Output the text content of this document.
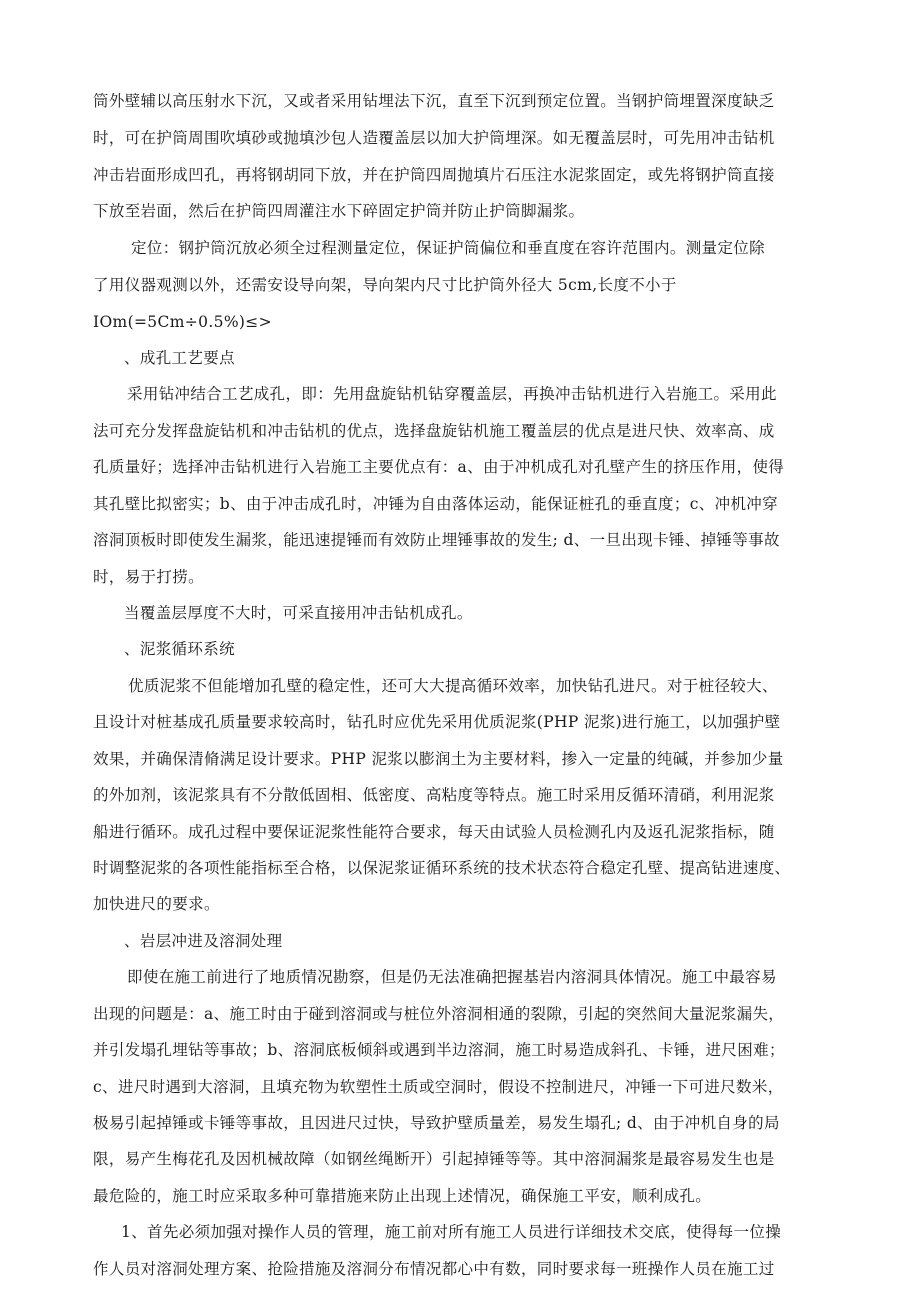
筒外壁辅以高压射水下沉，又或者采用钻埋法下沉，直至下沉到预定位置。当钢护筒埋置深度缺乏
时，可在护筒周围吹填砂或抛填沙包人造覆盖层以加大护筒埋深。如无覆盖层时，可先用冲击钻机
冲击岩面形成凹孔，再将钢胡同下放，并在护筒四周抛填片石压注水泥浆固定，或先将钢护筒直接
下放至岩面，然后在护筒四周灌注水下碎固定护筒并防止护筒脚漏浆。
定位：钢护筒沉放必须全过程测量定位，保证护筒偏位和垂直度在容许范围内。测量定位除
了用仪器观测以外，还需安设导向架，导向架内尺寸比护筒外径大 5cm,长度不小于
IOm(=5Cm÷0.5%)≤>
、成孔工艺要点
采用钻冲结合工艺成孔，即：先用盘旋钻机钻穿覆盖层，再换冲击钻机进行入岩施工。采用此
法可充分发挥盘旋钻机和冲击钻机的优点，选择盘旋钻机施工覆盖层的优点是进尺快、效率高、成
孔质量好；选择冲击钻机进行入岩施工主要优点有：a、由于冲机成孔对孔壁产生的挤压作用，使得
其孔壁比拟密实；b、由于冲击成孔时，冲锤为自由落体运动，能保证桩孔的垂直度；c、冲机冲穿
溶洞顶板时即使发生漏浆，能迅速提锤而有效防止埋锤事故的发生; d、一旦出现卡锤、掉锤等事故
时，易于打捞。
当覆盖层厚度不大时，可采直接用冲击钻机成孔。
、泥浆循环系统
优质泥浆不但能增加孔壁的稳定性，还可大大提高循环效率，加快钻孔进尺。对于桩径较大、
且设计对桩基成孔质量要求较高时，钻孔时应优先采用优质泥浆(PHP 泥浆)进行施工，以加强护壁
效果，并确保清脩满足设计要求。PHP 泥浆以膨润土为主要材料，掺入一定量的纯碱，并参加少量
的外加剂，该泥浆具有不分散低固相、低密度、高粘度等特点。施工时采用反循环清硝，利用泥浆
船进行循环。成孔过程中要保证泥浆性能符合要求，每天由试验人员检测孔内及返孔泥浆指标，随
时调整泥浆的各项性能指标至合格，以保泥浆证循环系统的技术状态符合稳定孔壁、提高钻进速度、
加快进尺的要求。
、岩层冲进及溶洞处理
即使在施工前进行了地质情况勘察，但是仍无法准确把握基岩内溶洞具体情况。施工中最容易
出现的问题是：a、施工时由于碰到溶洞或与桩位外溶洞相通的裂隙，引起的突然间大量泥浆漏失，
并引发塌孔埋钻等事故；b、溶洞底板倾斜或遇到半边溶洞，施工时易造成斜孔、卡锤，进尺困难；
c、进尺时遇到大溶洞，且填充物为软塑性土质或空洞时，假设不控制进尺，冲锤一下可进尺数米，
极易引起掉锤或卡锤等事故，且因进尺过快，导致护壁质量差，易发生塌孔; d、由于冲机自身的局
限，易产生梅花孔及因机械故障（如钢丝绳断开）引起掉锤等等。其中溶洞漏浆是最容易发生也是
最危险的，施工时应采取多种可靠措施来防止出现上述情况，确保施工平安，顺利成孔。
1、首先必须加强对操作人员的管理，施工前对所有施工人员进行详细技术交底，使得每一位操
作人员对溶洞处理方案、抢险措施及溶洞分布情况都心中有数，同时要求每一班操作人员在施工过
